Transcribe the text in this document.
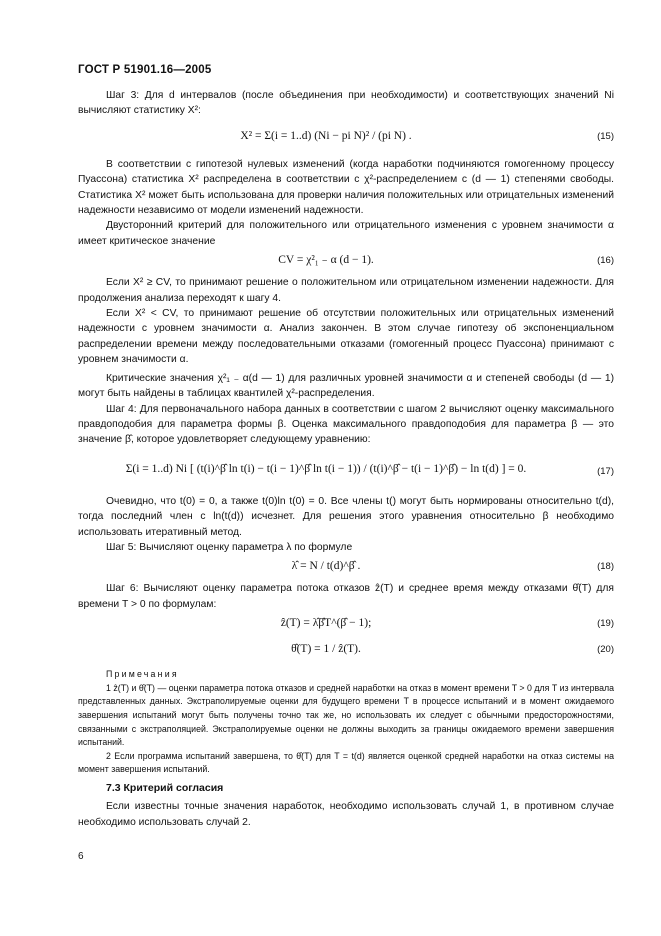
ГОСТ Р 51901.16—2005

Шаг 3: Для d интервалов (после объединения при необходимости) и соответствующих значений Ni вычисляют статистику X²:

X² = Σ(i = 1..d) (Ni − pi N)² / (pi N) .	(15)

В соответствии с гипотезой нулевых изменений (когда наработки подчиняются гомогенному процессу Пуассона) статистика X² распределена в соответствии с χ²-распределением с (d — 1) степенями свободы. Статистика X² может быть использована для проверки наличия положительных или отрицательных изменений надежности независимо от модели изменений надежности.

Двусторонний критерий для положительного или отрицательного изменения с уровнем значимости α имеет критическое значение

CV = χ²₁ ₋ α (d − 1).	(16)

Если X² ≥ CV, то принимают решение о положительном или отрицательном изменении надежности. Для продолжения анализа переходят к шагу 4.

Если X² < CV, то принимают решение об отсутствии положительных или отрицательных изменений надежности с уровнем значимости α. Анализ закончен. В этом случае гипотезу об экспоненциальном распределении времени между последовательными отказами (гомогенный процесс Пуассона) принимают с уровнем значимости α.

Критические значения χ²₁ ₋ α(d — 1) для различных уровней значимости α и степеней свободы (d — 1) могут быть найдены в таблицах квантилей χ²-распределения.

Шаг 4: Для первоначального набора данных в соответствии с шагом 2 вычисляют оценку максимального правдоподобия для параметра формы β. Оценка максимального правдоподобия для параметра β — это значение β̂, которое удовлетворяет следующему уравнению:

Σ(i = 1..d) Ni [ (t(i)^β̂ ln t(i) − t(i − 1)^β̂ ln t(i − 1)) / (t(i)^β̂ − t(i − 1)^β̂) − ln t(d) ] = 0.	(17)

Очевидно, что t(0) = 0, а также t(0)ln t(0) = 0. Все члены t() могут быть нормированы относительно t(d), тогда последний член с ln(t(d)) исчезнет. Для решения этого уравнения относительно β необходимо использовать итеративный метод.

Шаг 5: Вычисляют оценку параметра λ по формуле

λ̂ = N / t(d)^β̂ .	(18)

Шаг 6: Вычисляют оценку параметра потока отказов ẑ(T) и среднее время между отказами θ̂(T) для времени T > 0 по формулам:

ẑ(T) = λ̂β̂T^(β̂ − 1);	(19)
θ̂(T) = 1 / ẑ(T).	(20)
Примечания

1 ẑ(T) и θ̂(T) — оценки параметра потока отказов и средней наработки на отказ в момент времени T > 0 для T из интервала представленных данных. Экстраполируемые оценки для будущего времени T в процессе испытаний и в момент ожидаемого завершения испытаний могут быть получены точно так же, но использовать их следует с обычными предосторожностями, связанными с экстраполяцией. Экстраполируемые оценки не должны выходить за границы ожидаемого времени завершения испытаний.

2 Если программа испытаний завершена, то θ̂(T) для T = t(d) является оценкой средней наработки на отказ системы на момент завершения испытаний.

7.3 Критерий согласия

Если известны точные значения наработок, необходимо использовать случай 1, в противном случае необходимо использовать случай 2.

6
